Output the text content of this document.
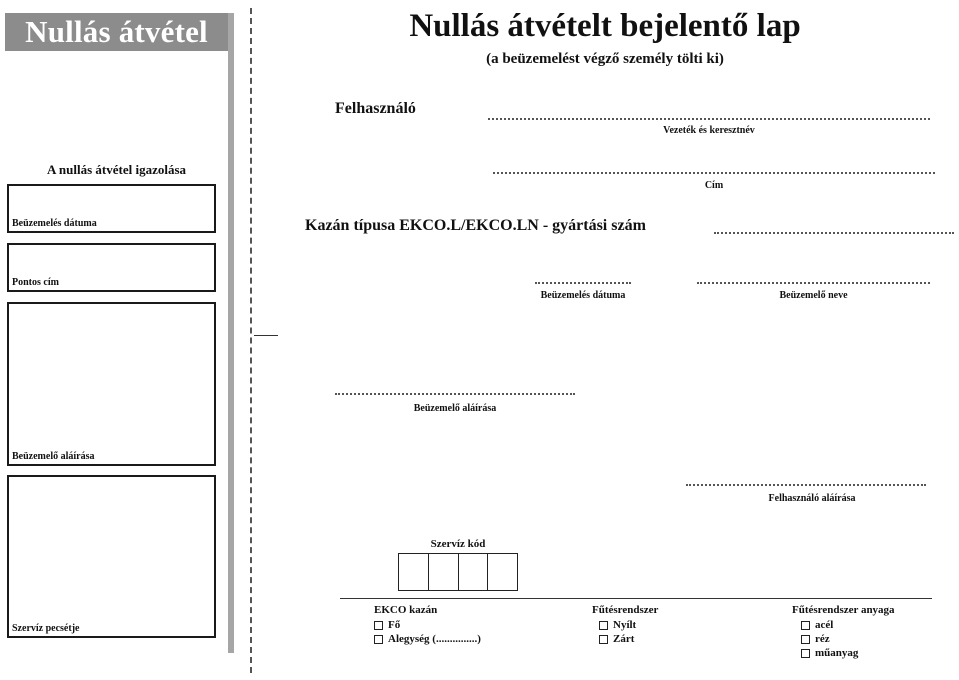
Nullás átvétel
A nullás átvétel igazolása
Beüzemelés dátuma
Pontos cím
Beüzemelő aláírása
Szervíz pecsétje
Nullás átvételt bejelentő lap
(a beüzemelést végző személy tölti ki)
Felhasználó
Vezeték és keresztnév
Cím
Kazán típusa EKCO.L/EKCO.LN - gyártási szám
Beüzemelés dátuma	Beüzemelő neve
Beüzemelő aláírása
Felhasználó aláírása
Szervíz kód
EKCO kazán
Fő
Alegység (...............)
Fűtésrendszer
Nyílt
Zárt
Fűtésrendszer anyaga
acél
réz
műanyag
